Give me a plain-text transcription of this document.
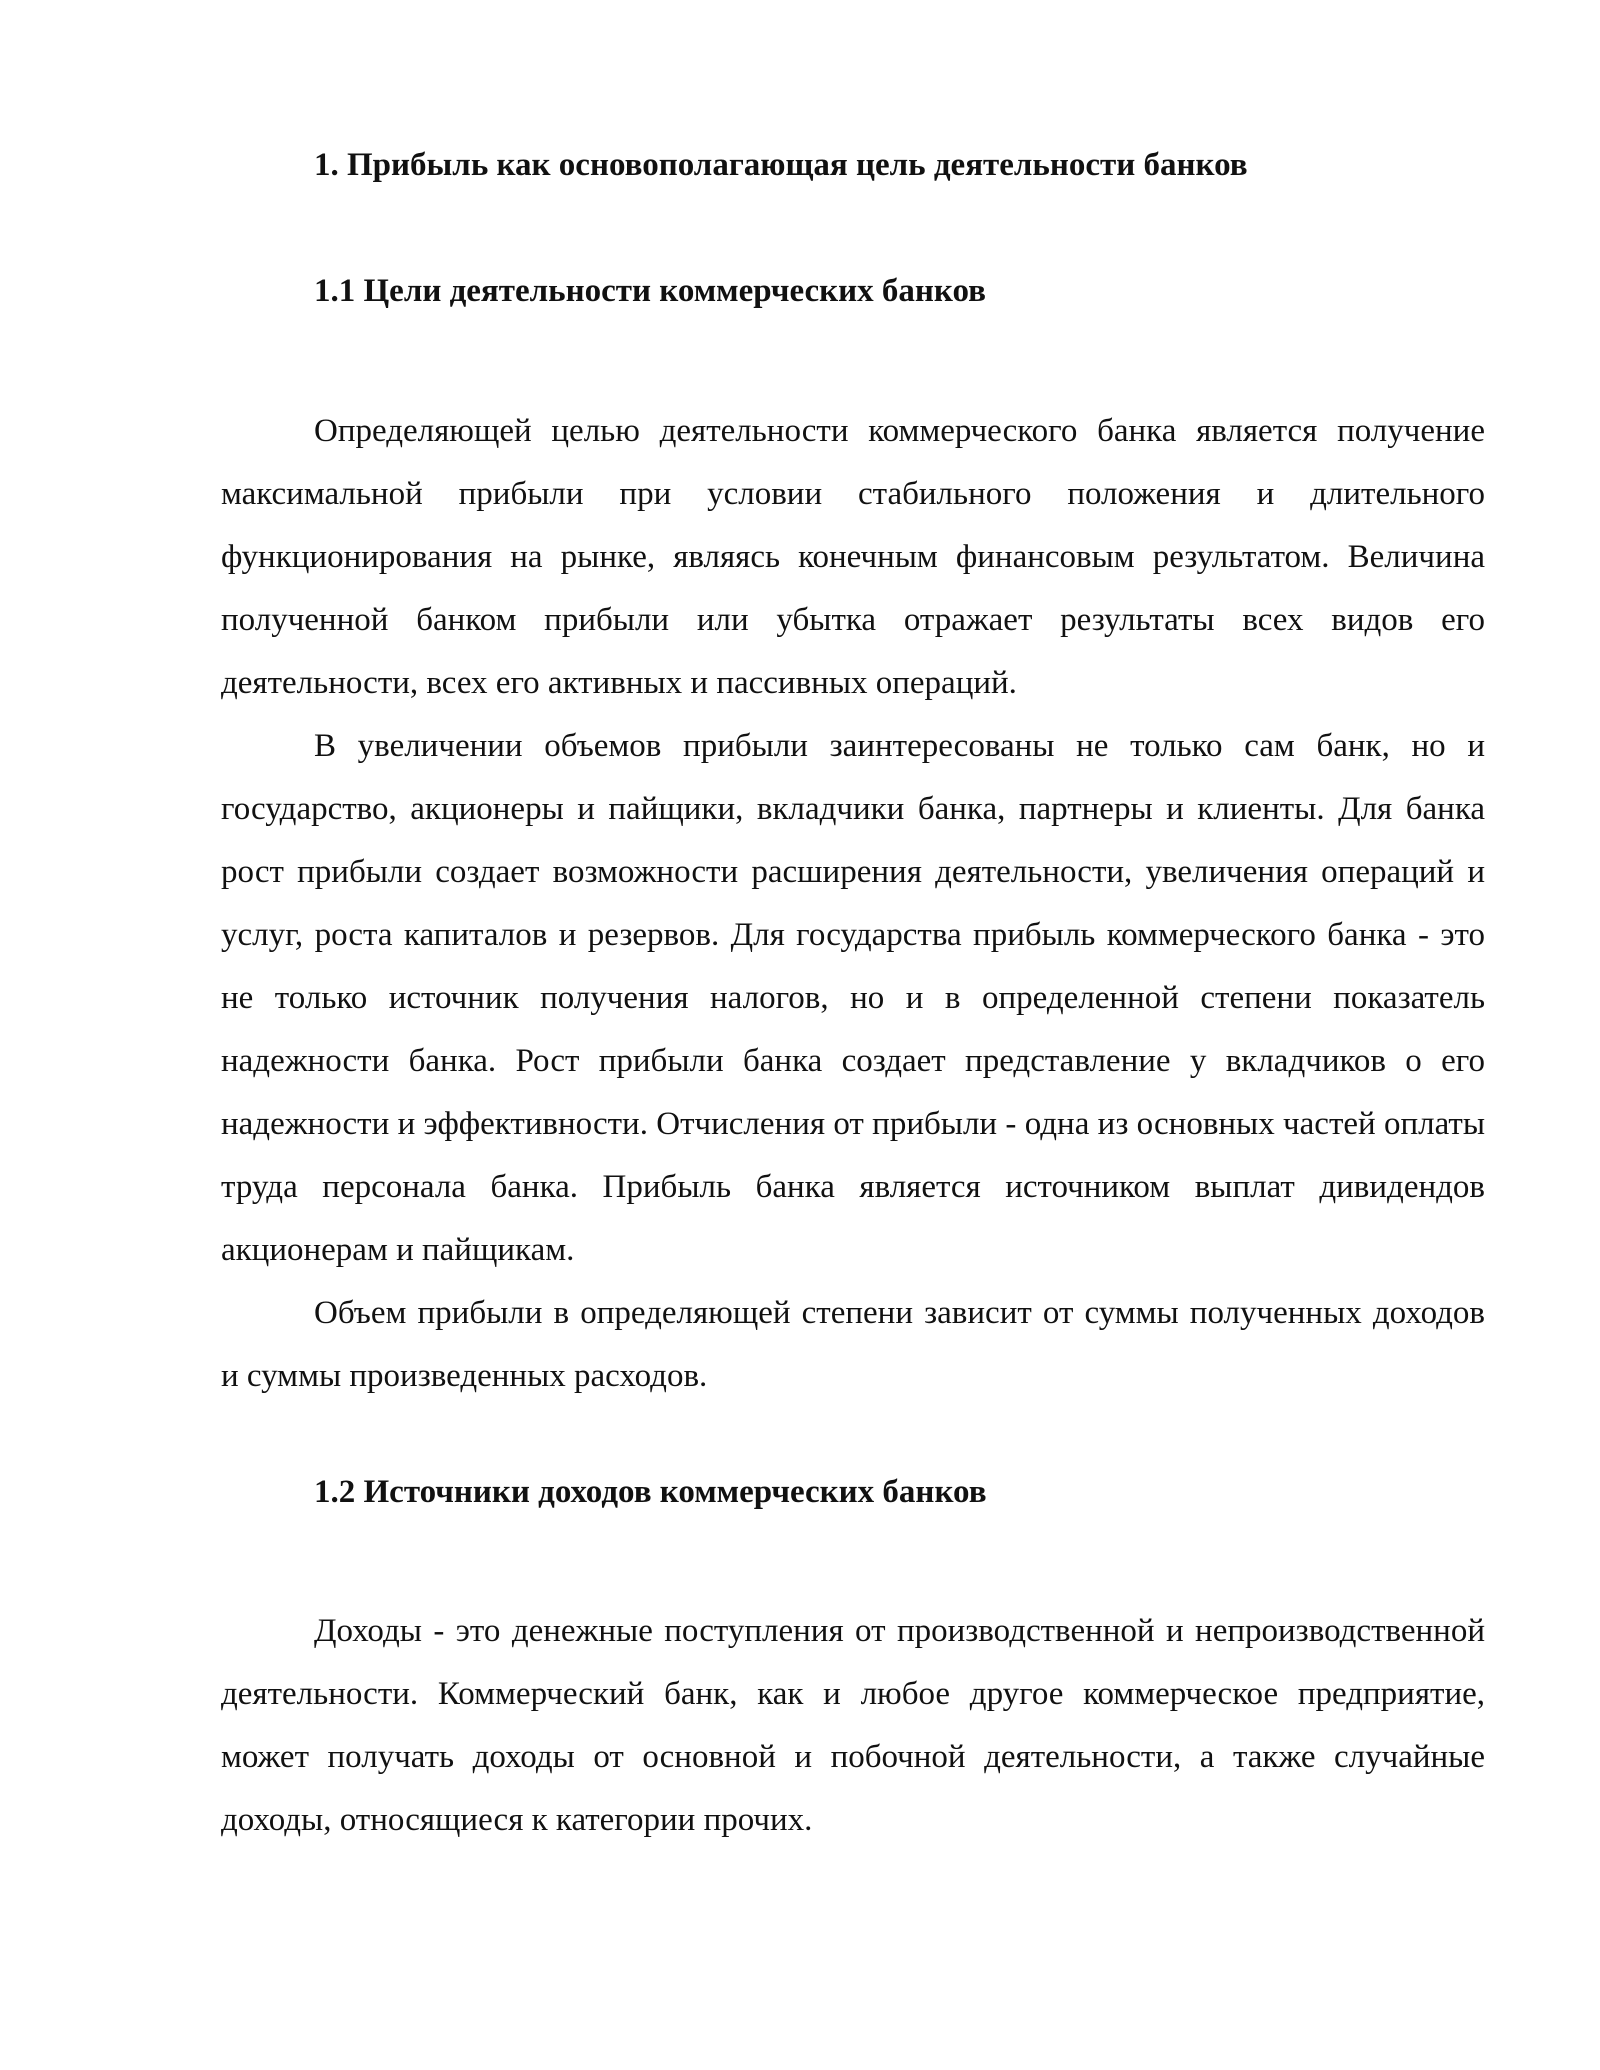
1. Прибыль как основополагающая цель деятельности банков
1.1 Цели деятельности коммерческих банков

Определяющей целью деятельности коммерческого банка является получение максимальной прибыли при условии стабильного положения и длительного функционирования на рынке, являясь конечным финансовым результатом. Величина полученной банком прибыли или убытка отражает результаты всех видов его деятельности, всех его активных и пассивных операций.

В увеличении объемов прибыли заинтересованы не только сам банк, но и государство, акционеры и пайщики, вкладчики банка, партнеры и клиенты. Для банка рост прибыли создает возможности расширения деятельности, увеличения операций и услуг, роста капиталов и резервов. Для государства прибыль коммерческого банка - это не только источник получения налогов, но и в определенной степени показатель надежности банка. Рост прибыли банка создает представление у вкладчиков о его надежности и эффективности. Отчисления от прибыли - одна из основных частей оплаты труда персонала банка. Прибыль банка является источником выплат дивидендов акционерам и пайщикам.

Объем прибыли в определяющей степени зависит от суммы полученных доходов и суммы произведенных расходов.

1.2 Источники доходов коммерческих банков

Доходы - это денежные поступления от производственной и непроизводственной деятельности. Коммерческий банк, как и любое другое коммерческое предприятие, может получать доходы от основной и побочной деятельности, а также случайные доходы, относящиеся к категории прочих.
